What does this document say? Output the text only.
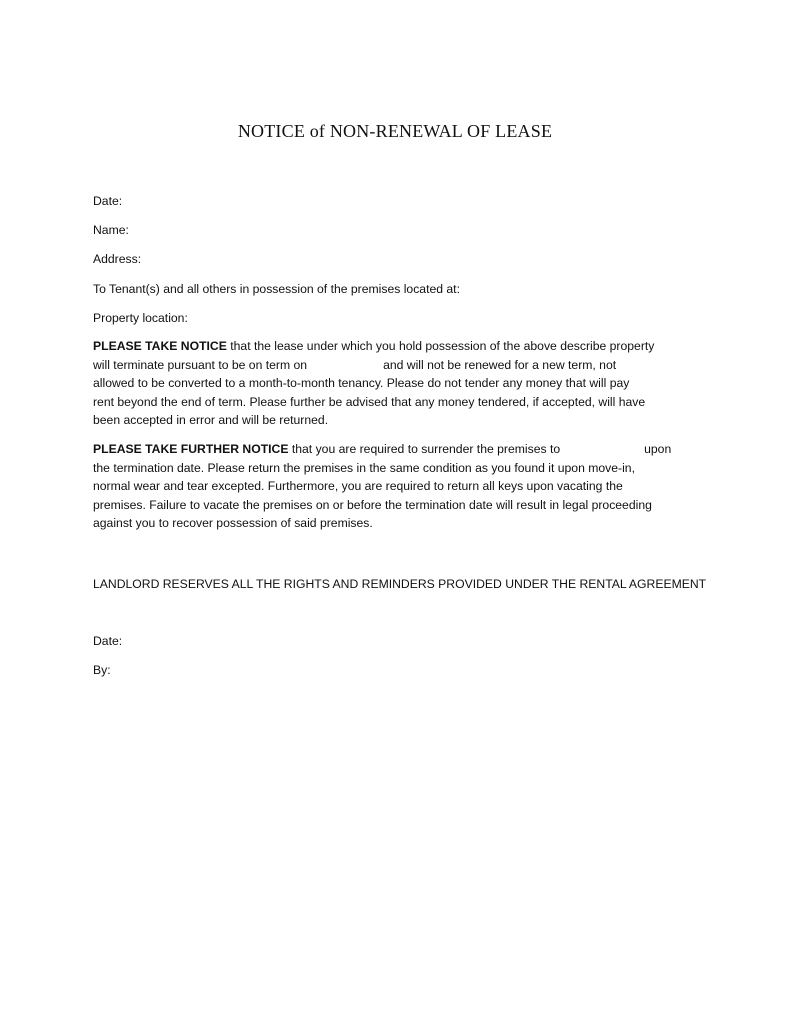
NOTICE of NON-RENEWAL OF LEASE
Date:
Name:
Address:
To Tenant(s) and all others in possession of the premises located at:
Property location:
PLEASE TAKE NOTICE that the lease under which you hold possession of the above describe property
will terminate pursuant to be on term on	and will not be renewed for a new term, not
allowed to be converted to a month-to-month tenancy. Please do not tender any money that will pay
rent beyond the end of term. Please further be advised that any money tendered, if accepted, will have
been accepted in error and will be returned.
PLEASE TAKE FURTHER NOTICE that you are required to surrender the premises to	upon
the termination date. Please return the premises in the same condition as you found it upon move-in,
normal wear and tear excepted. Furthermore, you are required to return all keys upon vacating the
premises. Failure to vacate the premises on or before the termination date will result in legal proceeding
against you to recover possession of said premises.
LANDLORD RESERVES ALL THE RIGHTS AND REMINDERS PROVIDED UNDER THE RENTAL AGREEMENT
Date:
By:
